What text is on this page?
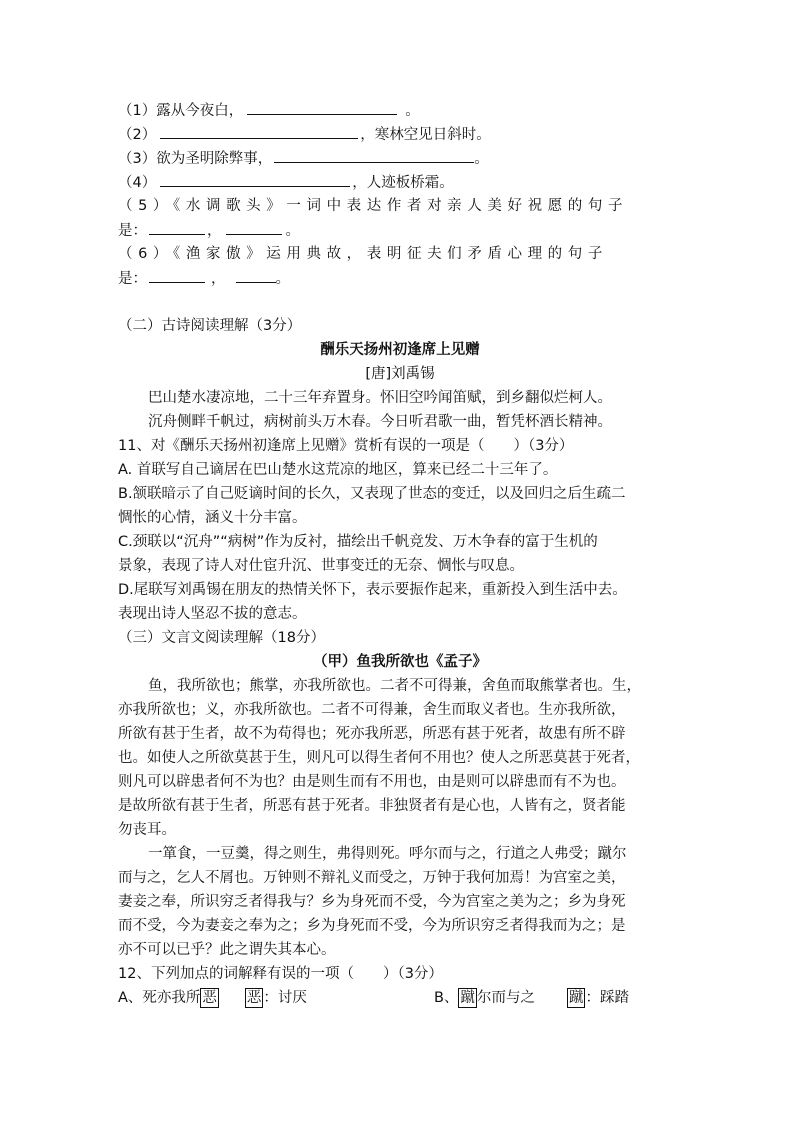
（1）露从今夜白，	。
（2）	，寒林空见日斜时。
（3）欲为圣明除弊事，	。
（4）	，人迹板桥霜。
（5）《水调歌头》一词中表达作者对亲人美好祝愿的句子
是：	，	。
（6）《渔家傲》运用典故，表明征夫们矛盾心理的句子
是：	，	。
（二）古诗阅读理解（3分）
酬乐天扬州初逢席上见赠
[唐]刘禹锡
巴山楚水凄凉地，二十三年弃置身。怀旧空吟闻笛赋，到乡翻似烂柯人。
沉舟侧畔千帆过，病树前头万木春。今日听君歌一曲，暂凭杯酒长精神。
11、对《酬乐天扬州初逢席上见赠》赏析有误的一项是（　　）（3分）
A. 首联写自己谪居在巴山楚水这荒凉的地区，算来已经二十三年了。
B.颔联暗示了自己贬谪时间的长久，又表现了世态的变迁，以及回归之后生疏二
惆怅的心情，涵义十分丰富。
C.颈联以“沉舟”“病树”作为反衬，描绘出千帆竞发、万木争春的富于生机的
景象，表现了诗人对仕宦升沉、世事变迁的无奈、惆怅与叹息。
D.尾联写刘禹锡在朋友的热情关怀下，表示要振作起来，重新投入到生活中去。
表现出诗人坚忍不拔的意志。
（三）文言文阅读理解（18分）
（甲）鱼我所欲也《孟子》
鱼，我所欲也；熊掌，亦我所欲也。二者不可得兼，舍鱼而取熊掌者也。生，
亦我所欲也；义，亦我所欲也。二者不可得兼，舍生而取义者也。生亦我所欲，
所欲有甚于生者，故不为苟得也；死亦我所恶，所恶有甚于死者，故患有所不辟
也。如使人之所欲莫甚于生，则凡可以得生者何不用也？使人之所恶莫甚于死者，
则凡可以辟患者何不为也？由是则生而有不用也，由是则可以辟患而有不为也。
是故所欲有甚于生者，所恶有甚于死者。非独贤者有是心也，人皆有之，贤者能
勿丧耳。
一箪食，一豆羹，得之则生，弗得则死。呼尔而与之，行道之人弗受；蹴尔
而与之，乞人不屑也。万钟则不辩礼义而受之，万钟于我何加焉！为宫室之美，
妻妾之奉，所识穷乏者得我与？乡为身死而不受，今为宫室之美为之；乡为身死
而不受，今为妻妾之奉为之；乡为身死而不受，今为所识穷乏者得我而为之；是
亦不可以已乎？此之谓失其本心。
12、下列加点的词解释有误的一项（　　）（3分）
A、死亦我所 恶 恶 ：讨厌	B、 蹴 尔而与之 蹴 ：踩踏
